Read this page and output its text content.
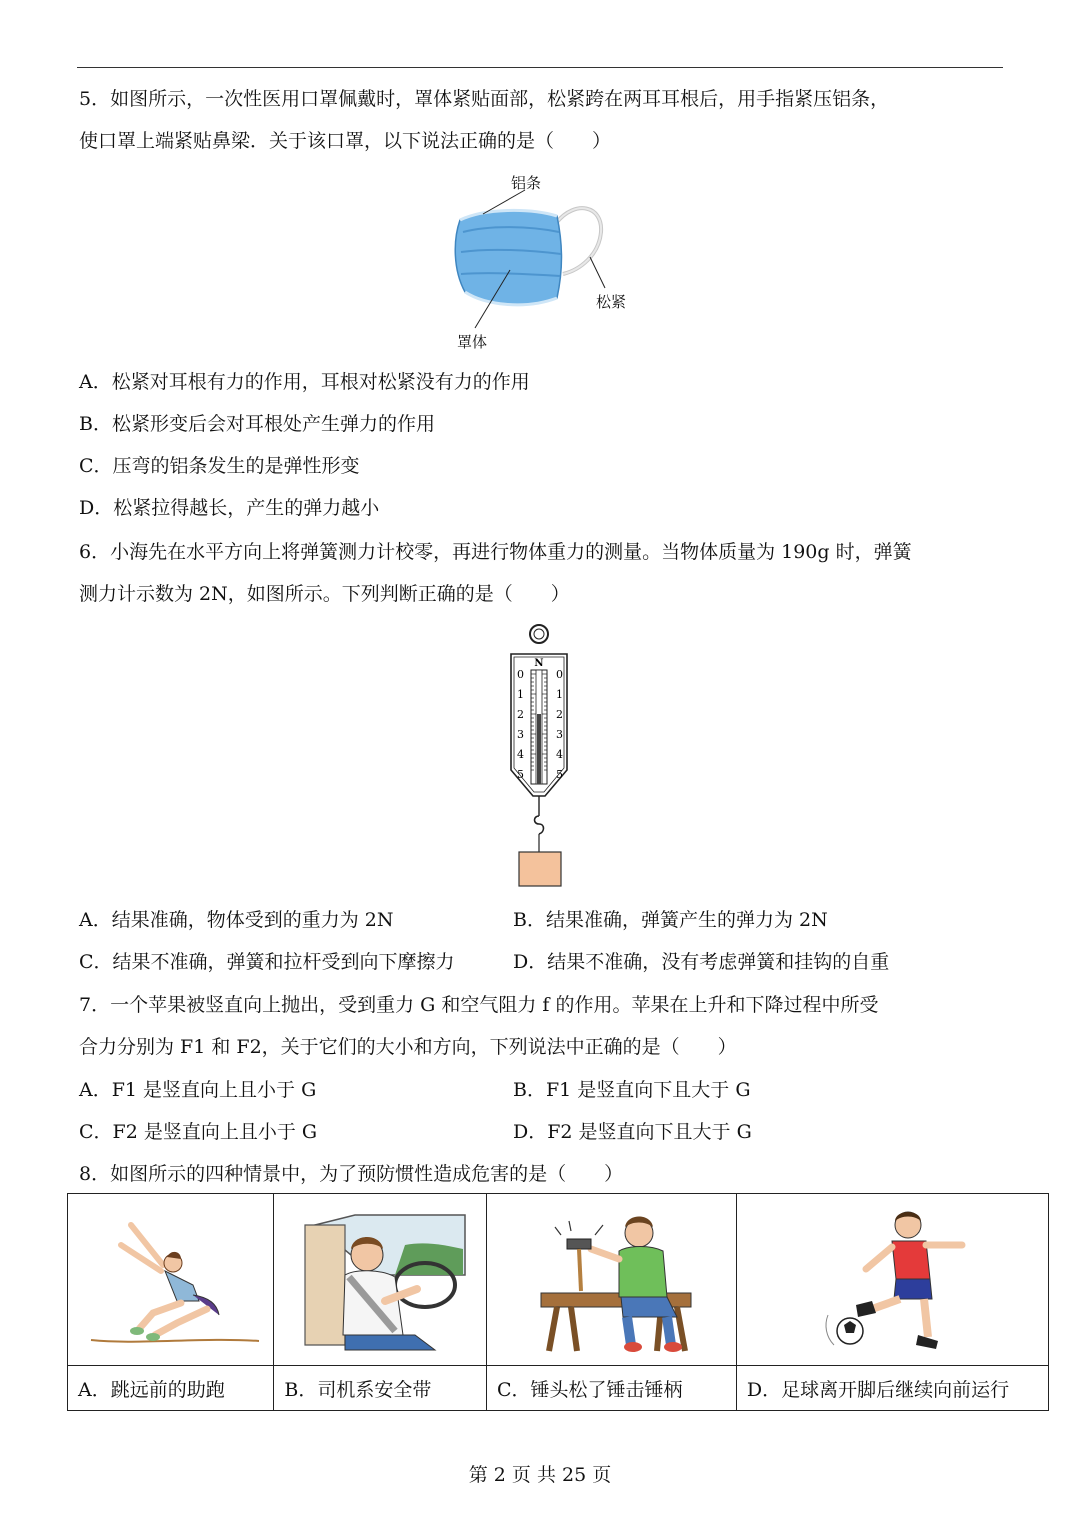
5．如图所示，一次性医用口罩佩戴时，罩体紧贴面部，松紧跨在两耳耳根后，用手指紧压铝条，
使口罩上端紧贴鼻梁．关于该口罩，以下说法正确的是（　　）
铝条
松紧
罩体
A．松紧对耳根有力的作用，耳根对松紧没有力的作用
B．松紧形变后会对耳根处产生弹力的作用
C．压弯的铝条发生的是弹性形变
D．松紧拉得越长，产生的弹力越小
6．小海先在水平方向上将弹簧测力计校零，再进行物体重力的测量。当物体质量为 190g 时，弹簧
测力计示数为 2N，如图所示。下列判断正确的是（　　）
N
0	0
1	1
2	2
3	3
4	4
5	5
A．结果准确，物体受到的重力为 2N	B．结果准确，弹簧产生的弹力为 2N
C．结果不准确，弹簧和拉杆受到向下摩擦力	D．结果不准确，没有考虑弹簧和挂钩的自重
7．一个苹果被竖直向上抛出，受到重力 G 和空气阻力 f 的作用。苹果在上升和下降过程中所受
合力分别为 F1 和 F2，关于它们的大小和方向，下列说法中正确的是（　　）
A．F1 是竖直向上且小于 G	B．F1 是竖直向下且大于 G
C．F2 是竖直向上且小于 G	D．F2 是竖直向下且大于 G
8．如图所示的四种情景中，为了预防惯性造成危害的是（　　）

A．跳远前的助跑	B．司机系安全带	C．锤头松了锤击锤柄	D．足球离开脚后继续向前运行
第 2 页 共 25 页
